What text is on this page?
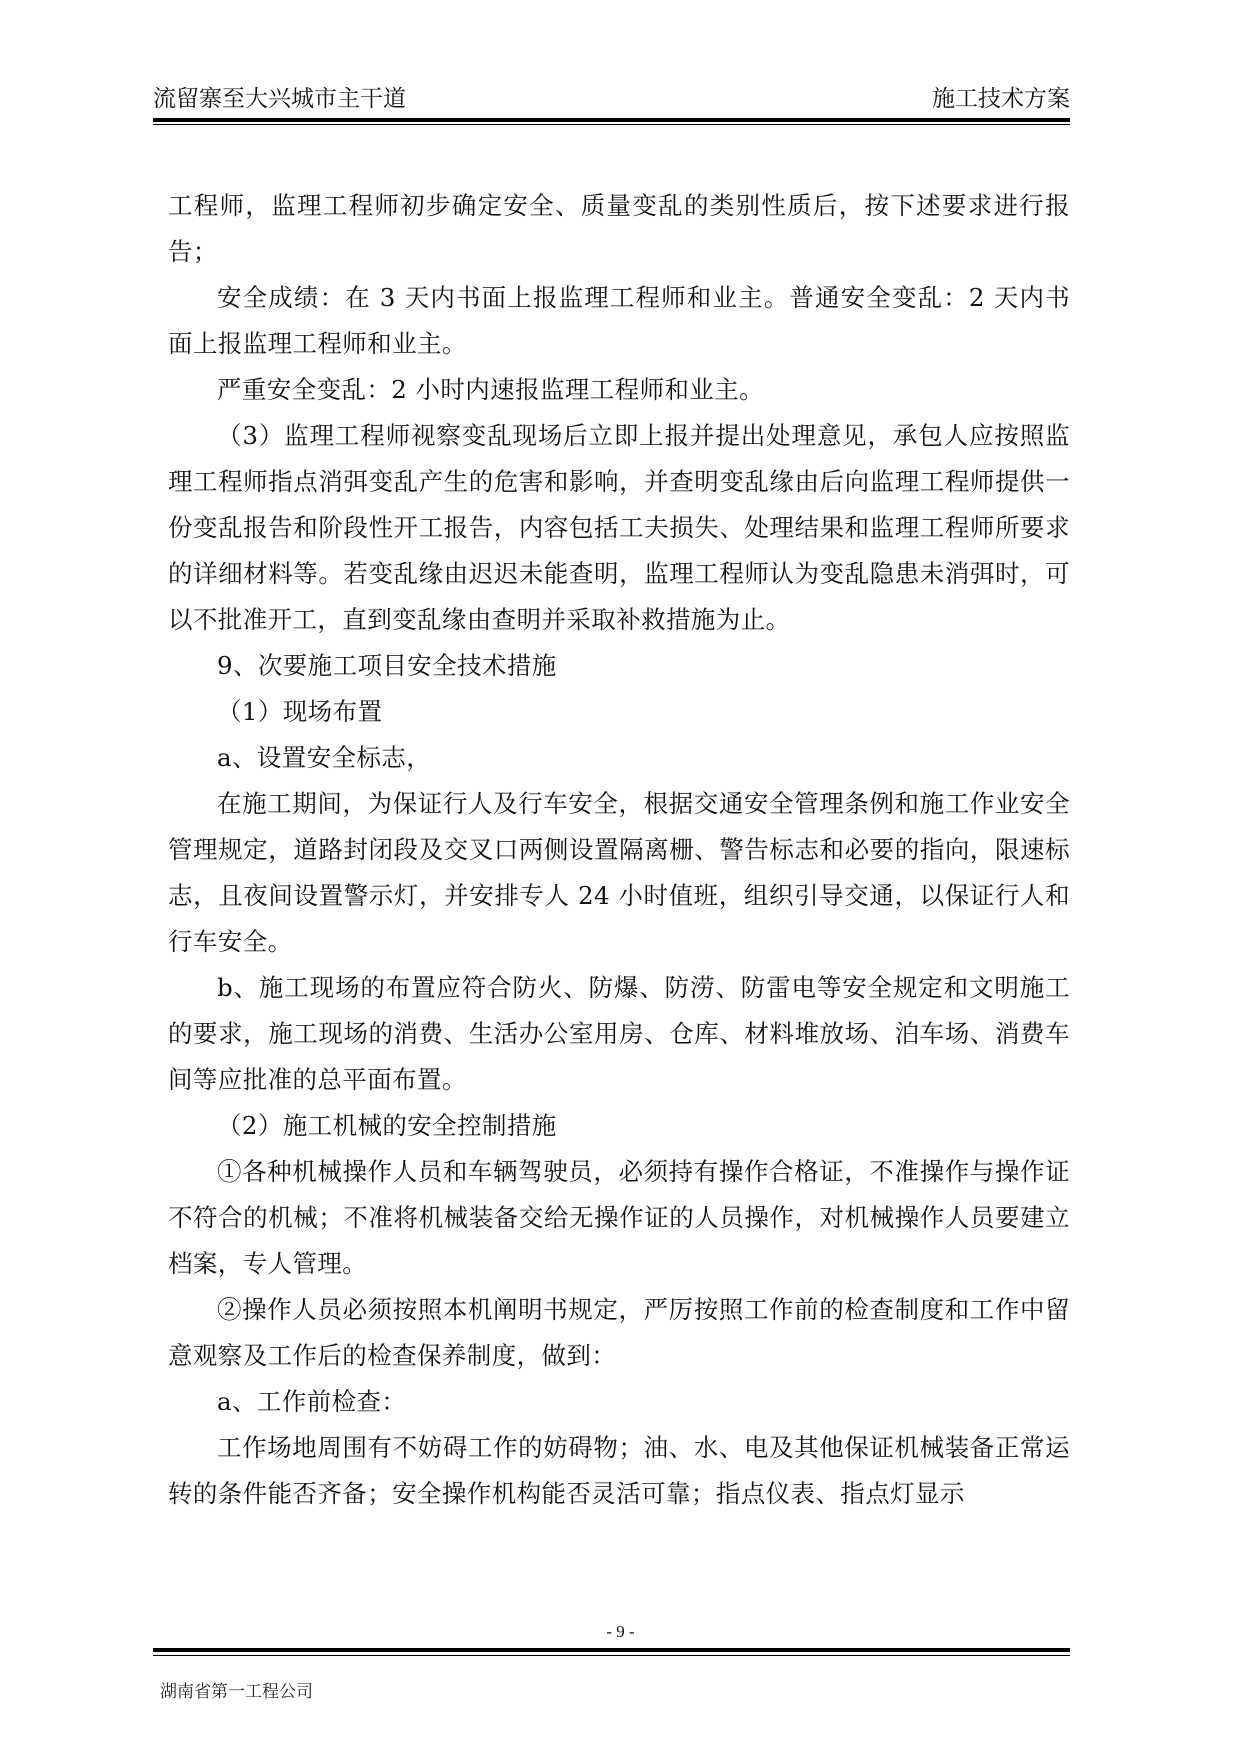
流留寨至大兴城市主干道	施工技术方案

工程师，监理工程师初步确定安全、质量变乱的类别性质后，按下述要求进行报告；

安全成绩：在 3 天内书面上报监理工程师和业主。普通安全变乱：2 天内书面上报监理工程师和业主。

严重安全变乱：2 小时内速报监理工程师和业主。

（3）监理工程师视察变乱现场后立即上报并提出处理意见，承包人应按照监理工程师指点消弭变乱产生的危害和影响，并查明变乱缘由后向监理工程师提供一份变乱报告和阶段性开工报告，内容包括工夫损失、处理结果和监理工程师所要求的详细材料等。若变乱缘由迟迟未能查明，监理工程师认为变乱隐患未消弭时，可以不批准开工，直到变乱缘由查明并采取补救措施为止。

9、次要施工项目安全技术措施

（1）现场布置

a、设置安全标志，

在施工期间，为保证行人及行车安全，根据交通安全管理条例和施工作业安全管理规定，道路封闭段及交叉口两侧设置隔离栅、警告标志和必要的指向，限速标志，且夜间设置警示灯，并安排专人 24 小时值班，组织引导交通，以保证行人和行车安全。

b、施工现场的布置应符合防火、防爆、防涝、防雷电等安全规定和文明施工的要求，施工现场的消费、生活办公室用房、仓库、材料堆放场、泊车场、消费车间等应批准的总平面布置。

（2）施工机械的安全控制措施

①各种机械操作人员和车辆驾驶员，必须持有操作合格证，不准操作与操作证不符合的机械；不准将机械装备交给无操作证的人员操作，对机械操作人员要建立档案，专人管理。

②操作人员必须按照本机阐明书规定，严厉按照工作前的检查制度和工作中留意观察及工作后的检查保养制度，做到：

a、工作前检查：

工作场地周围有不妨碍工作的妨碍物；油、水、电及其他保证机械装备正常运转的条件能否齐备；安全操作机构能否灵活可靠；指点仪表、指点灯显示

- 9 -
湖南省第一工程公司
